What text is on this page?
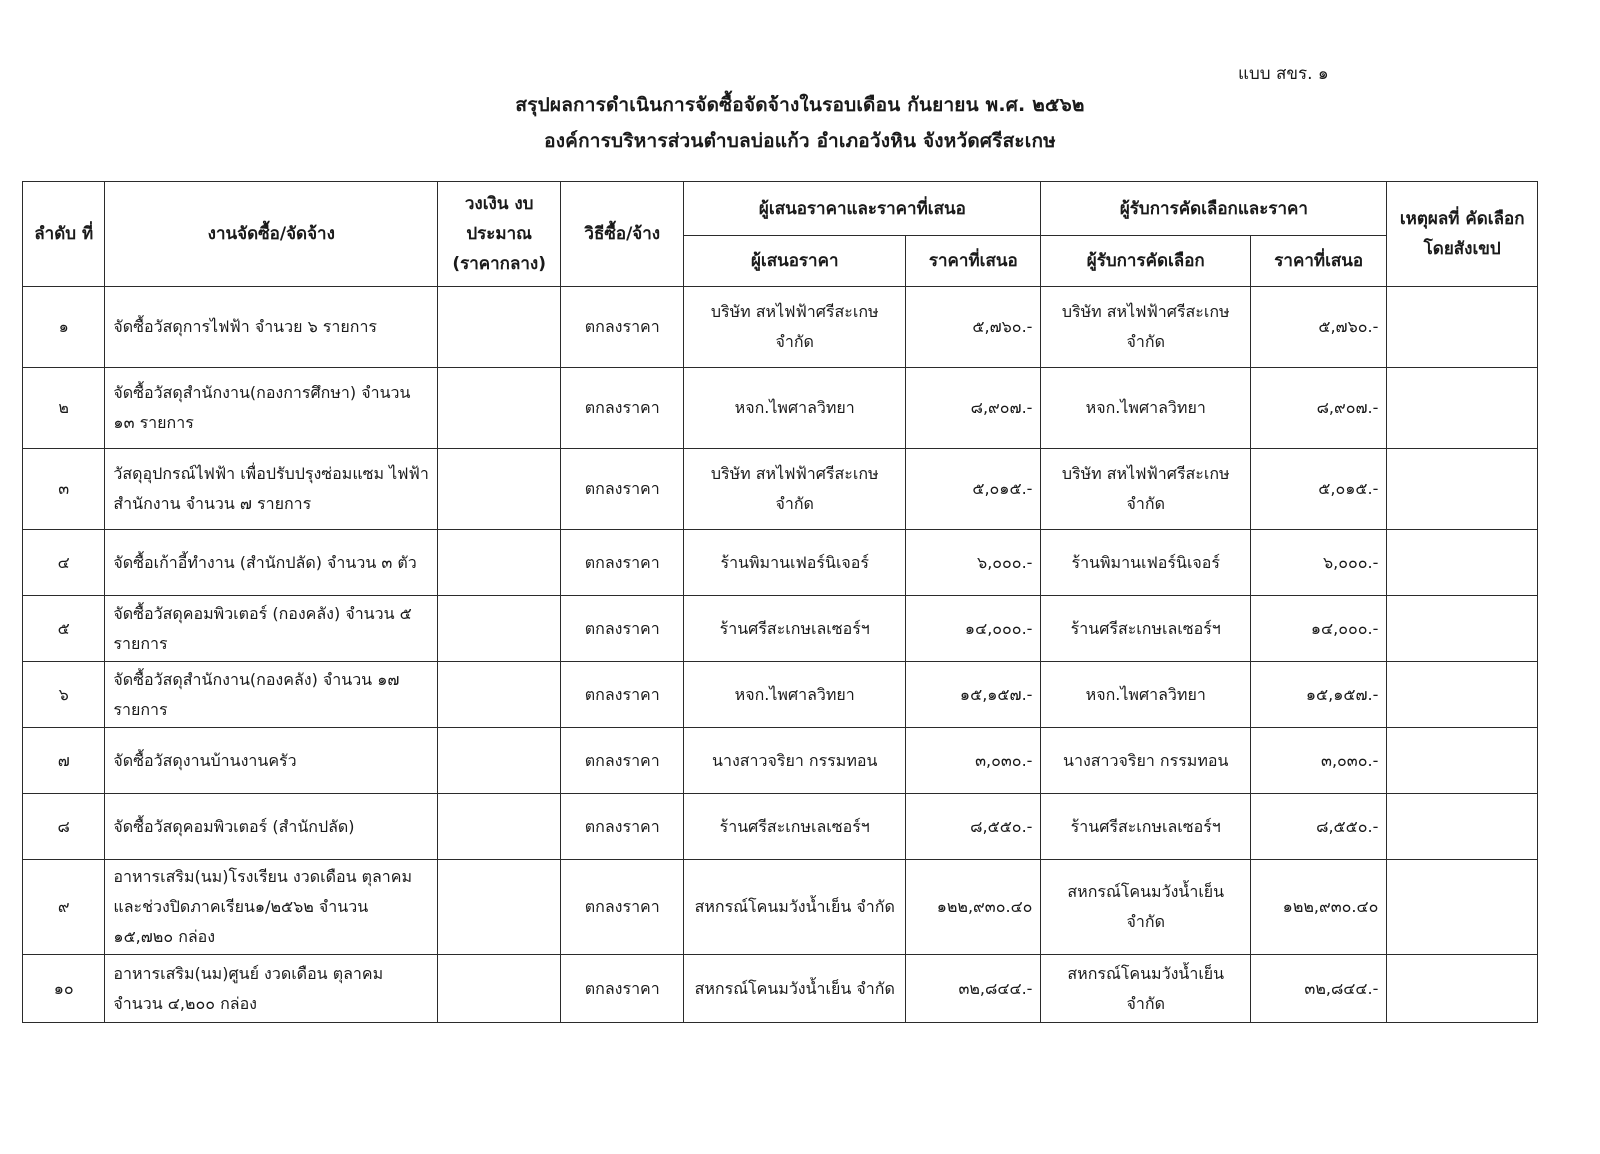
แบบ สขร. ๑
สรุปผลการดำเนินการจัดซื้อจัดจ้างในรอบเดือน กันยายน พ.ศ. ๒๕๖๒
องค์การบริหารส่วนตำบลบ่อแก้ว อำเภอวังหิน จังหวัดศรีสะเกษ
ลำดับ ที่	งานจัดซื้อ/จัดจ้าง	วงเงิน งบประมาณ (ราคากลาง)	วิธีซื้อ/จ้าง	ผู้เสนอราคาและราคาที่เสนอ		ผู้รับการคัดเลือกและราคา		เหตุผลที่ คัดเลือก โดยสังเขป
				ผู้เสนอราคา	ราคาที่เสนอ	ผู้รับการคัดเลือก	ราคาที่เสนอ	
๑	จัดซื้อวัสดุการไฟฟ้า จำนวย ๖ รายการ		ตกลงราคา	บริษัท สหไฟฟ้าศรีสะเกษ จำกัด	๕,๗๖๐.-	บริษัท สหไฟฟ้าศรีสะเกษ จำกัด	๕,๗๖๐.-	
๒	จัดซื้อวัสดุสำนักงาน(กองการศึกษา) จำนวน ๑๓ รายการ		ตกลงราคา	หจก.ไพศาลวิทยา	๘,๙๐๗.-	หจก.ไพศาลวิทยา	๘,๙๐๗.-	
๓	วัสดุอุปกรณ์ไฟฟ้า เพื่อปรับปรุงซ่อมแซม ไฟฟ้าสำนักงาน จำนวน ๗ รายการ		ตกลงราคา	บริษัท สหไฟฟ้าศรีสะเกษ จำกัด	๕,๐๑๕.-	บริษัท สหไฟฟ้าศรีสะเกษ จำกัด	๕,๐๑๕.-	
๔	จัดซื้อเก้าอี้ทำงาน (สำนักปลัด) จำนวน ๓ ตัว		ตกลงราคา	ร้านพิมานเฟอร์นิเจอร์	๖,๐๐๐.-	ร้านพิมานเฟอร์นิเจอร์	๖,๐๐๐.-	
๕	จัดซื้อวัสดุคอมพิวเตอร์ (กองคลัง) จำนวน ๕ รายการ		ตกลงราคา	ร้านศรีสะเกษเลเซอร์ฯ	๑๔,๐๐๐.-	ร้านศรีสะเกษเลเซอร์ฯ	๑๔,๐๐๐.-	
๖	จัดซื้อวัสดุสำนักงาน(กองคลัง) จำนวน ๑๗ รายการ		ตกลงราคา	หจก.ไพศาลวิทยา	๑๕,๑๕๗.-	หจก.ไพศาลวิทยา	๑๕,๑๕๗.-	
๗	จัดซื้อวัสดุงานบ้านงานครัว		ตกลงราคา	นางสาวจริยา กรรมทอน	๓,๐๓๐.-	นางสาวจริยา กรรมทอน	๓,๐๓๐.-	
๘	จัดซื้อวัสดุคอมพิวเตอร์ (สำนักปลัด)		ตกลงราคา	ร้านศรีสะเกษเลเซอร์ฯ	๘,๕๕๐.-	ร้านศรีสะเกษเลเซอร์ฯ	๘,๕๕๐.-	
๙	อาหารเสริม(นม)โรงเรียน งวดเดือน ตุลาคม และช่วงปิดภาคเรียน๑/๒๕๖๒ จำนวน ๑๕,๗๒๐ กล่อง		ตกลงราคา	สหกรณ์โคนมวังน้ำเย็น จำกัด	๑๒๒,๙๓๐.๔๐	สหกรณ์โคนมวังน้ำเย็น จำกัด	๑๒๒,๙๓๐.๔๐	
๑๐	อาหารเสริม(นม)ศูนย์ งวดเดือน ตุลาคม จำนวน ๔,๒๐๐ กล่อง		ตกลงราคา	สหกรณ์โคนมวังน้ำเย็น จำกัด	๓๒,๘๔๔.-	สหกรณ์โคนมวังน้ำเย็น จำกัด	๓๒,๘๔๔.-	
